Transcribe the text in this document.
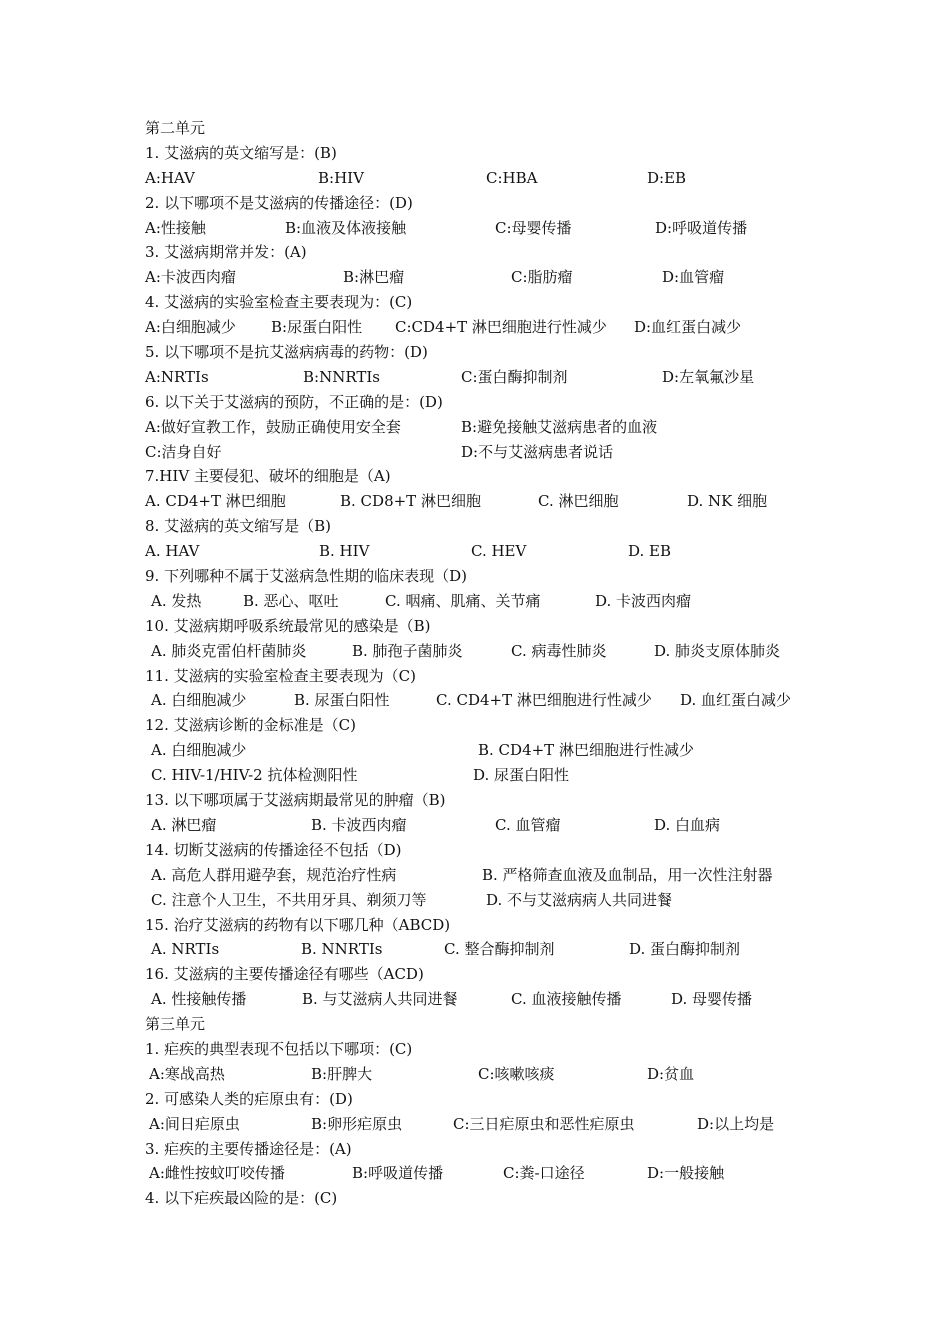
第二单元
1. 艾滋病的英文缩写是：(B)
A:HAV	B:HIV	C:HBA	D:EB
2. 以下哪项不是艾滋病的传播途径：(D)
A:性接触	B:血液及体液接触	C:母婴传播	D:呼吸道传播
3. 艾滋病期常并发：(A)
A:卡波西肉瘤	B:淋巴瘤	C:脂肪瘤	D:血管瘤
4. 艾滋病的实验室检查主要表现为：(C)
A:白细胞减少 B:尿蛋白阳性 C:CD4+T 淋巴细胞进行性减少 D:血红蛋白减少
5. 以下哪项不是抗艾滋病病毒的药物：(D)
A:NRTIs	B:NNRTIs	C:蛋白酶抑制剂	D:左氧氟沙星
6. 以下关于艾滋病的预防，不正确的是：(D)
A:做好宣教工作，鼓励正确使用安全套	B:避免接触艾滋病患者的血液
C:洁身自好	D:不与艾滋病患者说话
7.HIV 主要侵犯、破坏的细胞是（A)
A. CD4+T 淋巴细胞	B. CD8+T 淋巴细胞	C. 淋巴细胞	D. NK 细胞
8. 艾滋病的英文缩写是（B)
A. HAV	B. HIV	C. HEV	D. EB
9. 下列哪种不属于艾滋病急性期的临床表现（D)
A. 发热	B. 恶心、呕吐	C. 咽痛、肌痛、关节痛	D. 卡波西肉瘤
10. 艾滋病期呼吸系统最常见的感染是（B)
A. 肺炎克雷伯杆菌肺炎	B. 肺孢子菌肺炎	C. 病毒性肺炎	D. 肺炎支原体肺炎
11. 艾滋病的实验室检查主要表现为（C)
A. 白细胞减少	B. 尿蛋白阳性	C. CD4+T 淋巴细胞进行性减少 D. 血红蛋白减少
12. 艾滋病诊断的金标准是（C)
A. 白细胞减少	B. CD4+T 淋巴细胞进行性减少
C. HIV-1/HIV-2 抗体检测阳性	D. 尿蛋白阳性
13. 以下哪项属于艾滋病期最常见的肿瘤（B)
A. 淋巴瘤	B. 卡波西肉瘤	C. 血管瘤	D. 白血病
14. 切断艾滋病的传播途径不包括（D)
A. 高危人群用避孕套，规范治疗性病	B. 严格筛查血液及血制品，用一次性注射器
C. 注意个人卫生，不共用牙具、剃须刀等	D. 不与艾滋病病人共同进餐
15. 治疗艾滋病的药物有以下哪几种（ABCD)
A. NRTIs	B. NNRTIs	C. 整合酶抑制剂	D. 蛋白酶抑制剂
16. 艾滋病的主要传播途径有哪些（ACD)
A. 性接触传播	B. 与艾滋病人共同进餐	C. 血液接触传播	D. 母婴传播
第三单元
1. 疟疾的典型表现不包括以下哪项：(C)
A:寒战高热	B:肝脾大	C:咳嗽咳痰	D:贫血
2. 可感染人类的疟原虫有：(D)
A:间日疟原虫	B:卵形疟原虫	C:三日疟原虫和恶性疟原虫	D:以上均是
3. 疟疾的主要传播途径是：(A)
A:雌性按蚊叮咬传播	B:呼吸道传播	C:粪-口途径	D:一般接触
4. 以下疟疾最凶险的是：(C)
